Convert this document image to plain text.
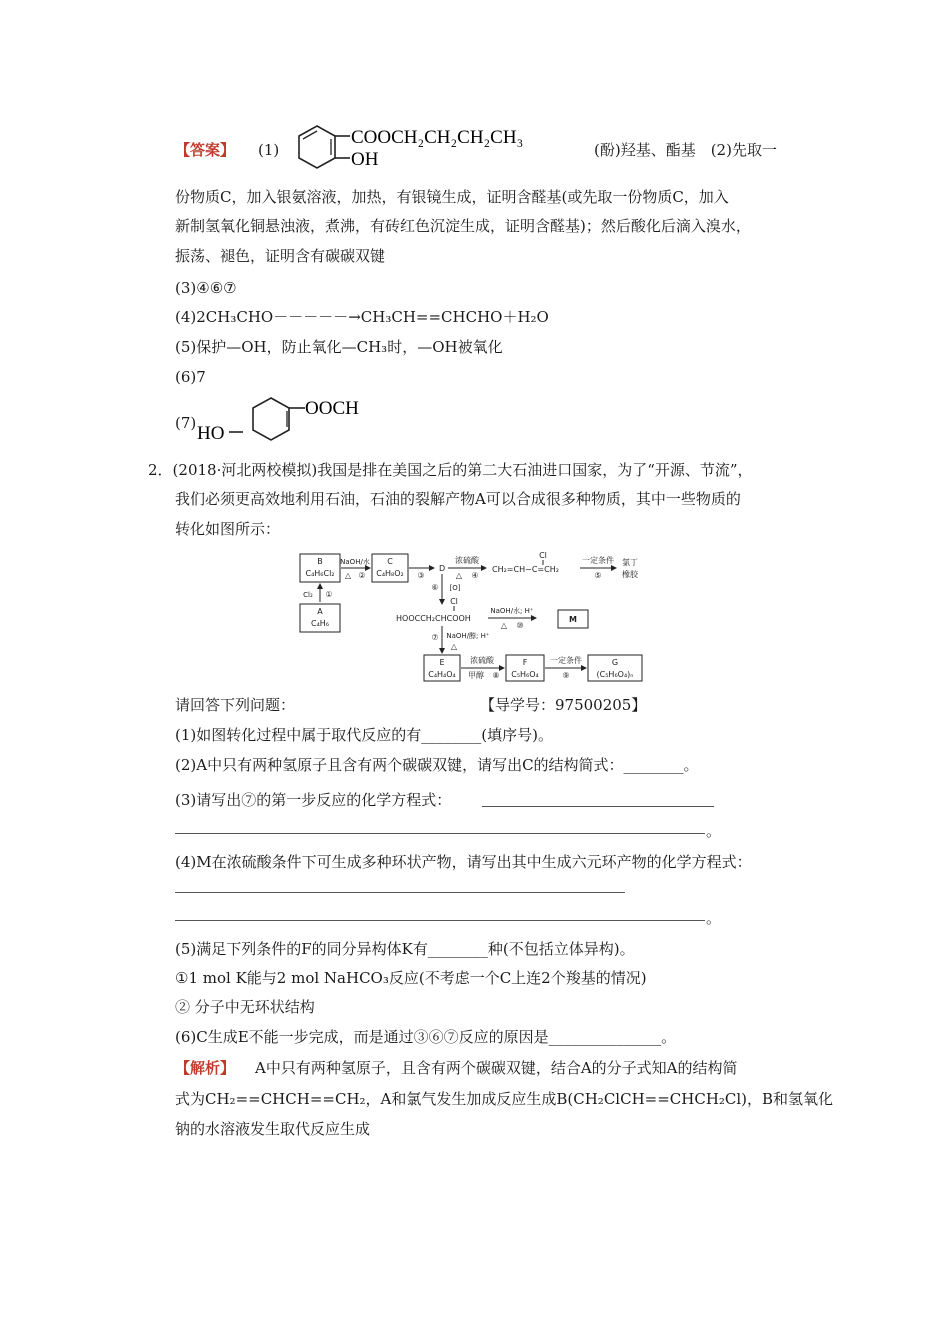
【答案】 (1)
COOCH₂CH₂CH₂CH₃
OH	(酚)羟基、酯基　(2)先取一
份物质C，加入银氨溶液，加热，有银镜生成，证明含醛基(或先取一份物质C，加入
新制氢氧化铜悬浊液，煮沸，有砖红色沉淀生成，证明含醛基)；然后酸化后滴入溴水，
振荡、褪色，证明含有碳碳双键
(3)④⑥⑦
(4)2CH₃CHO－－－－－→CH₃CH==CHCHO＋H₂O
(5)保护—OH，防止氧化—CH₃时，—OH被氧化
(6)7
(7) HO
OOCH
2．(2018·河北两校模拟)我国是排在美国之后的第二大石油进口国家，为了“开源、节流”，
我们必须更高效地利用石油，石油的裂解产物A可以合成很多种物质，其中一些物质的
转化如图所示：
B
C₄H₆Cl₂
NaOH/水
△ ②
C
C₄H₈O₂ ③
D
浓硫酸
△ ④
Cl
CH₂=CH−C=CH₂
一定条件
⑤
氯丁
橡胶
Cl₂ ①
A
C₄H₆
⑥ [O]
Cl
HOOCCH₂CHCOOH
NaOH/水; H⁺
△ ⑩
M
⑦ NaOH/醇; H⁺
△
E
C₄H₄O₄
浓硫酸
甲醇 ⑧
F
C₅H₆O₄
一定条件
⑨
G
(C₅H₆O₄)ₙ
请回答下列问题：	【导学号：97500205】
(1)如图转化过程中属于取代反应的有________(填序号)。
(2)A中只有两种氢原子且含有两个碳碳双键，请写出C的结构简式：________。
(3)请写出⑦的第一步反应的化学方程式：
。
(4)M在浓硫酸条件下可生成多种环状产物，请写出其中生成六元环产物的化学方程式：
。
(5)满足下列条件的F的同分异构体K有________种(不包括立体异构)。
①1 mol K能与2 mol NaHCO₃反应(不考虑一个C上连2个羧基的情况)
② 分子中无环状结构
(6)C生成E不能一步完成，而是通过③⑥⑦反应的原因是_______________。
【解析】 　A中只有两种氢原子，且含有两个碳碳双键，结合A的分子式知A的结构简
式为CH₂==CHCH==CH₂，A和氯气发生加成反应生成B(CH₂ClCH==CHCH₂Cl)，B和氢氧化
钠的水溶液发生取代反应生成
